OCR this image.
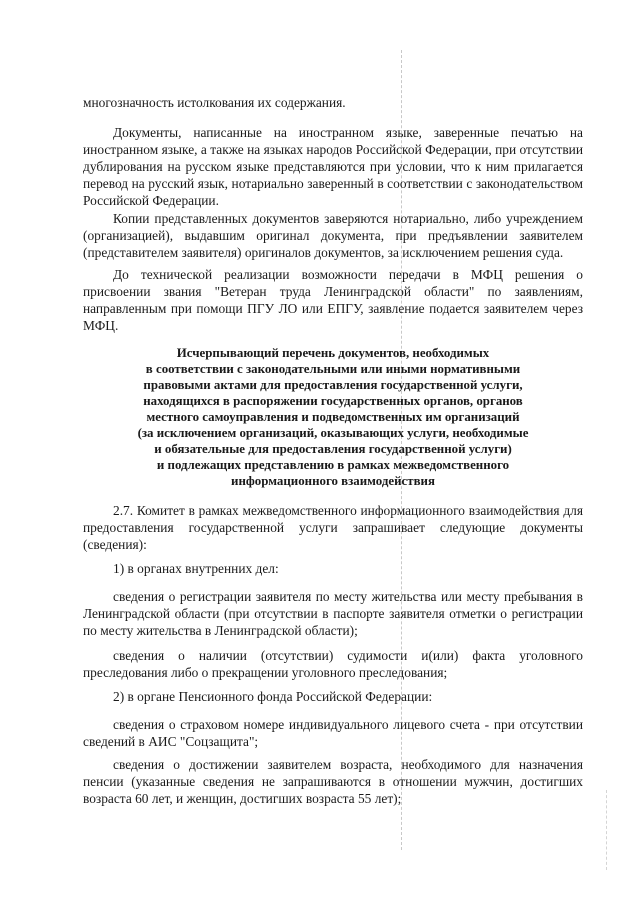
многозначность истолкования их содержания.

Документы, написанные на иностранном языке, заверенные печатью на иностранном языке, а также на языках народов Российской Федерации, при отсутствии дублирования на русском языке представляются при условии, что к ним прилагается перевод на русский язык, нотариально заверенный в соответствии с законодательством Российской Федерации.

Копии представленных документов заверяются нотариально, либо учреждением (организацией), выдавшим оригинал документа, при предъявлении заявителем (представителем заявителя) оригиналов документов, за исключением решения суда.

До технической реализации возможности передачи в МФЦ решения о присвоении звания "Ветеран труда Ленинградской области" по заявлениям, направленным при помощи ПГУ ЛО или ЕПГУ, заявление подается заявителем через МФЦ.

Исчерпывающий перечень документов, необходимых
в соответствии с законодательными или иными нормативными
правовыми актами для предоставления государственной услуги,
находящихся в распоряжении государственных органов, органов
местного самоуправления и подведомственных им организаций
(за исключением организаций, оказывающих услуги, необходимые
и обязательные для предоставления государственной услуги)
и подлежащих представлению в рамках межведомственного
информационного взаимодействия

2.7. Комитет в рамках межведомственного информационного взаимодействия для предоставления государственной услуги запрашивает следующие документы (сведения):

1) в органах внутренних дел:

сведения о регистрации заявителя по месту жительства или месту пребывания в Ленинградской области (при отсутствии в паспорте заявителя отметки о регистрации по месту жительства в Ленинградской области);

сведения о наличии (отсутствии) судимости и(или) факта уголовного преследования либо о прекращении уголовного преследования;

2) в органе Пенсионного фонда Российской Федерации:

сведения о страховом номере индивидуального лицевого счета - при отсутствии сведений в АИС "Соцзащита";

сведения о достижении заявителем возраста, необходимого для назначения пенсии (указанные сведения не запрашиваются в отношении мужчин, достигших возраста 60 лет, и женщин, достигших возраста 55 лет);
